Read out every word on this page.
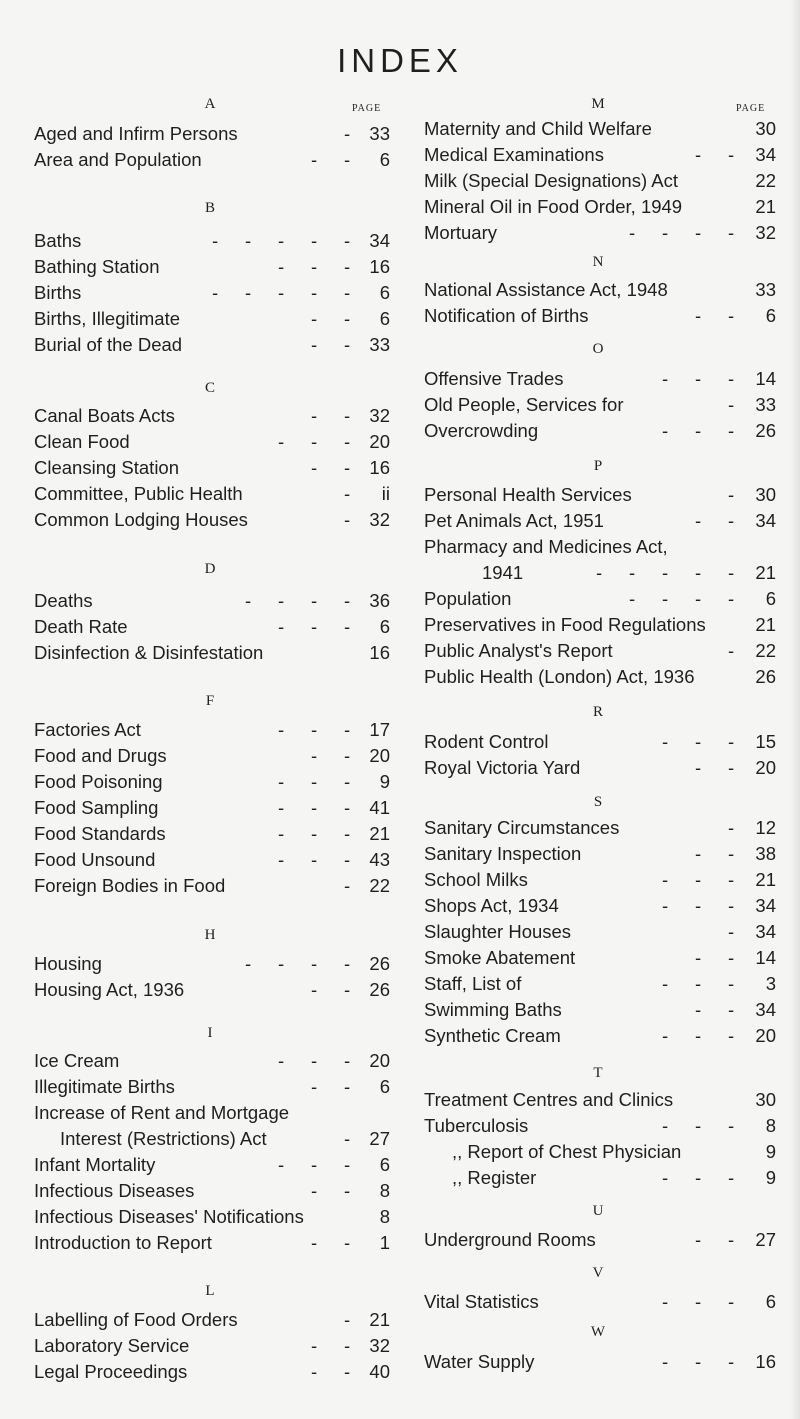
INDEX
PAGE	PAGE
A
Aged and Infirm Persons	-	33
Area and Population	- -	6
B
Baths	- - - - -	34
Bathing Station	- - -	16
Births	- - - - -	6
Births, Illegitimate	- -	6
Burial of the Dead	- -	33
C
Canal Boats Acts	- -	32
Clean Food	- - -	20
Cleansing Station	- -	16
Committee, Public Health	-	ii
Common Lodging Houses	-	32
D
Deaths	- - - -	36
Death Rate	- - -	6
Disinfection & Disinfestation	16
F
Factories Act	- - -	17
Food and Drugs	- -	20
Food Poisoning	- - -	9
Food Sampling	- - -	41
Food Standards	- - -	21
Food Unsound	- - -	43
Foreign Bodies in Food	-	22
H
Housing	- - - -	26
Housing Act, 1936	- -	26
I
Ice Cream	- - -	20
Illegitimate Births	- -	6
Increase of Rent and Mortgage
Interest (Restrictions) Act	-	27
Infant Mortality	- - -	6
Infectious Diseases	- -	8
Infectious Diseases' Notifications	8
Introduction to Report	- -	1
L
Labelling of Food Orders	-	21
Laboratory Service	- -	32
Legal Proceedings	- -	40
M
Maternity and Child Welfare	30
Medical Examinations	- -	34
Milk (Special Designations) Act	22
Mineral Oil in Food Order, 1949	21
Mortuary	- - - -	32
N
National Assistance Act, 1948	33
Notification of Births	- -	6
O
Offensive Trades	- - -	14
Old People, Services for	-	33
Overcrowding	- - -	26
P
Personal Health Services	-	30
Pet Animals Act, 1951	- -	34
Pharmacy and Medicines Act,
1941	- - - - -	21
Population	- - - -	6
Preservatives in Food Regulations	21
Public Analyst's Report	-	22
Public Health (London) Act, 1936	26
R
Rodent Control	- - -	15
Royal Victoria Yard	- -	20
S
Sanitary Circumstances	-	12
Sanitary Inspection	- -	38
School Milks	- - -	21
Shops Act, 1934	- - -	34
Slaughter Houses	-	34
Smoke Abatement	- -	14
Staff, List of	- - -	3
Swimming Baths	- -	34
Synthetic Cream	- - -	20
T
Treatment Centres and Clinics	30
Tuberculosis	- - -	8
,, Report of Chest Physician	9
,, Register	- - -	9
U
Underground Rooms	- -	27
V
Vital Statistics	- - -	6
W
Water Supply	- - -	16
